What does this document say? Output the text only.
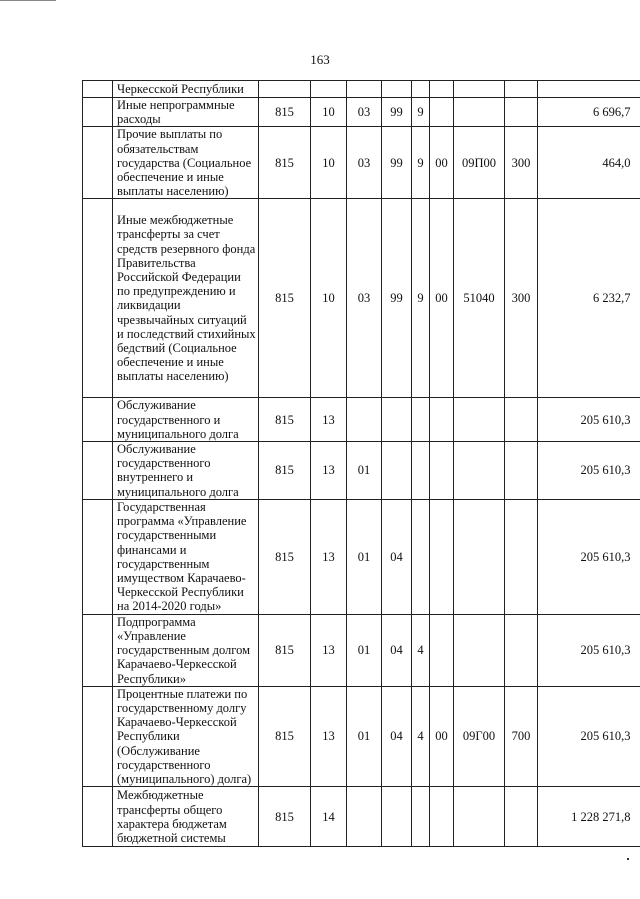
163
	Черкесской Республики									
	Иные непрограммные расходы	815	10	03	99	9				6 696,7
	Прочие выплаты по обязательствам государства (Социальное обеспечение и иные выплаты населению)	815	10	03	99	9	00	09П00	300	464,0
	Иные межбюджетные трансферты за счет средств резервного фонда Правительства Российской Федерации по предупреждению и ликвидации чрезвычайных ситуаций и последствий стихийных бедствий (Социальное обеспечение и иные выплаты населению)	815	10	03	99	9	00	51040	300	6 232,7
	Обслуживание государственного и муниципального долга	815	13							205 610,3
	Обслуживание государственного внутреннего и муниципального долга	815	13	01						205 610,3
	Государственная программа «Управление государственными финансами и государственным имуществом Карачаево-Черкесской Республики на 2014-2020 годы»	815	13	01	04					205 610,3
	Подпрограмма «Управление государственным долгом Карачаево-Черкесской Республики»	815	13	01	04	4				205 610,3
	Процентные платежи по государственному долгу Карачаево-Черкесской Республики (Обслуживание государственного (муниципального) долга)	815	13	01	04	4	00	09Г00	700	205 610,3
	Межбюджетные трансферты общего характера бюджетам бюджетной системы	815	14							1 228 271,8
